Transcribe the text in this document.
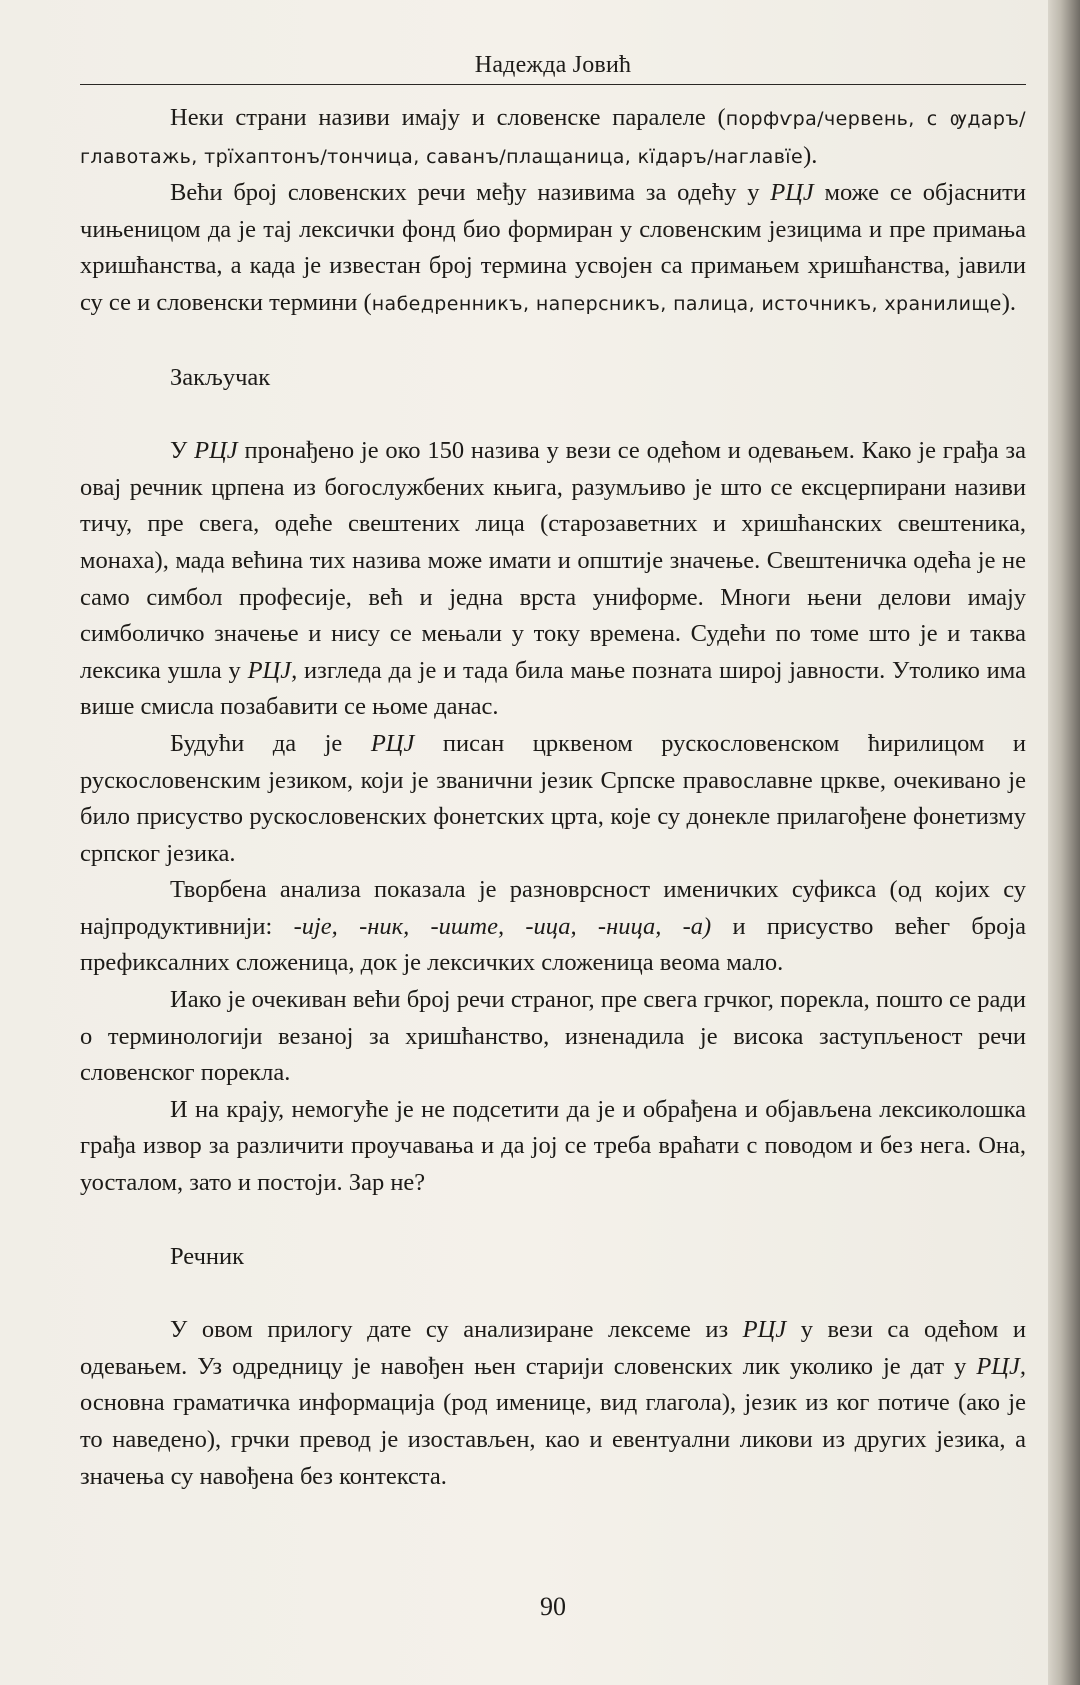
Надежда Јовић

Неки страни називи имају и словенске паралеле (порфѵра/червень, с ѹдаръ/главотажь, трїхаптонъ/тончица, саванъ/плащаница, кїдаръ/наглавїе).

Већи број словенских речи међу називима за одећу у РЦЈ може се објаснити чињеницом да је тај лексички фонд био формиран у словенским језицима и пре примања хришћанства, а када је известан број термина усвојен са примањем хришћанства, јавили су се и словенски термини (набедренникъ, наперсникъ, палица, источникъ, хранилище).

Закључак

У РЦЈ пронађено је око 150 назива у вези се одећом и одевањем. Како је грађа за овај речник црпена из богослужбених књига, разумљиво је што се ексцерпирани називи тичу, пре свега, одеће свештених лица (старозаветних и хришћанских свештеника, монаха), мада већина тих назива може имати и општије значење. Свештеничка одећа је не само симбол професије, већ и једна врста униформе. Многи њени делови имају симболичко значење и нису се мењали у току времена. Судећи по томе што је и таква лексика ушла у РЦЈ, изгледа да је и тада била мање позната широј јавности. Утолико има више смисла позабавити се њоме данас.

Будући да је РЦЈ писан црквеном рускословенском ћирилицом и рускословенским језиком, који је званични језик Српске православне цркве, очекивано је било присуство рускословенских фонетских црта, које су донекле прилагођене фонетизму српског језика.

Творбена анализа показала је разноврсност именичких суфикса (од којих су најпродуктивнији: -иje, -ник, -иште, -ица, -ница, -а) и присуство већег броја префиксалних сложеница, док је лексичких сложеница веома мало.

Иако је очекиван већи број речи страног, пре свега грчког, порекла, пошто се ради о терминологији везаној за хришћанство, изненадила је висока заступљеност речи словенског порекла.

И на крају, немогуће је не подсетити да је и обрађена и објављена лексиколошка грађа извор за различити проучавања и да јој се треба враћати с поводом и без нега. Она, уосталом, зато и постоји. Зар не?

Речник

У овом прилогу дате су анализиране лексеме из РЦЈ у вези са одећом и одевањем. Уз одредницу је навођен њен старији словенских лик уколико је дат у РЦЈ, основна граматичка информација (род именице, вид глагола), језик из ког потиче (ако је то наведено), грчки превод је изостављен, као и евентуални ликови из других језика, а значења су навођена без контекста.

90
